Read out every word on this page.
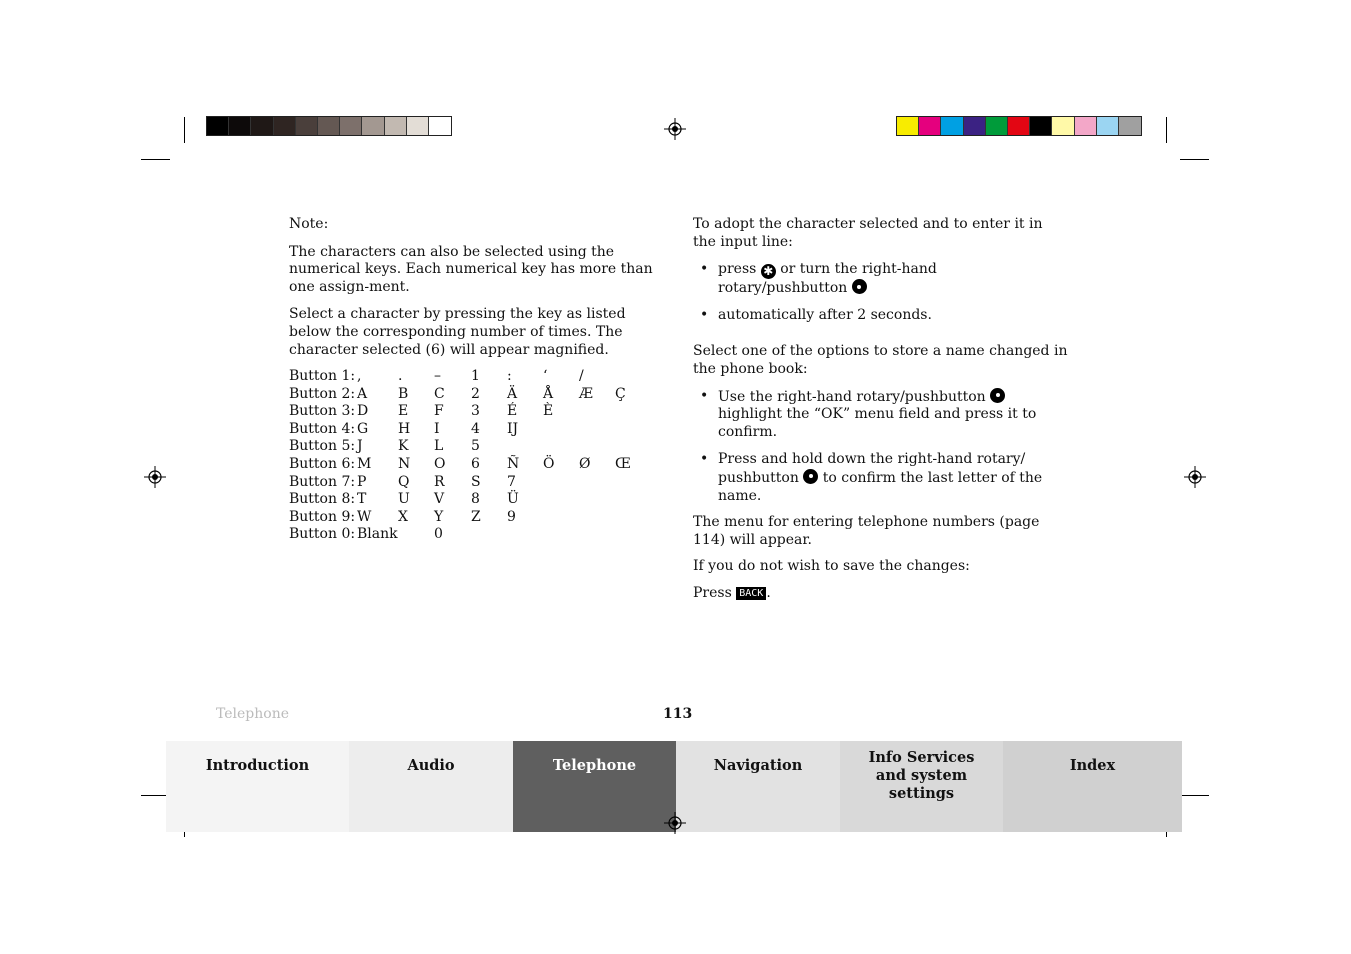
Note:

The characters can also be selected using the numerical keys. Each numerical key has more than one assign-ment.

Select a character by pressing the key as listed below the corresponding number of times. The character selected (6) will appear magnified.

Button 1: ,	. – 1 : ‘ /
Button 2: A B C 2 Ä Å Æ Ç
Button 3: D E F 3 É È
Button 4: G H I 4 IJ
Button 5: J	K L 5
Button 6: M N O 6 Ñ Ö Ø Œ
Button 7: P Q R S 7
Button 8: T U V 8 Ü
Button 9: W X Y Z 9
Button 0: Blank	0

To adopt the character selected and to enter it in the input line:

• press ✱ or turn the right-hand rotary/pushbutton

• automatically after 2 seconds.

Select one of the options to store a name changed in the phone book:

• Use the right-hand rotary/pushbutton  highlight the “OK” menu field and press it to confirm.

• Press and hold down the right-hand rotary/ pushbutton to confirm the last letter of the name.

The menu for entering telephone numbers (page 114) will appear.

If you do not wish to save the changes:

Press BACK .

Telephone	113
Introduction	Audio	Telephone	Navigation	Info Services and system settings
Index
